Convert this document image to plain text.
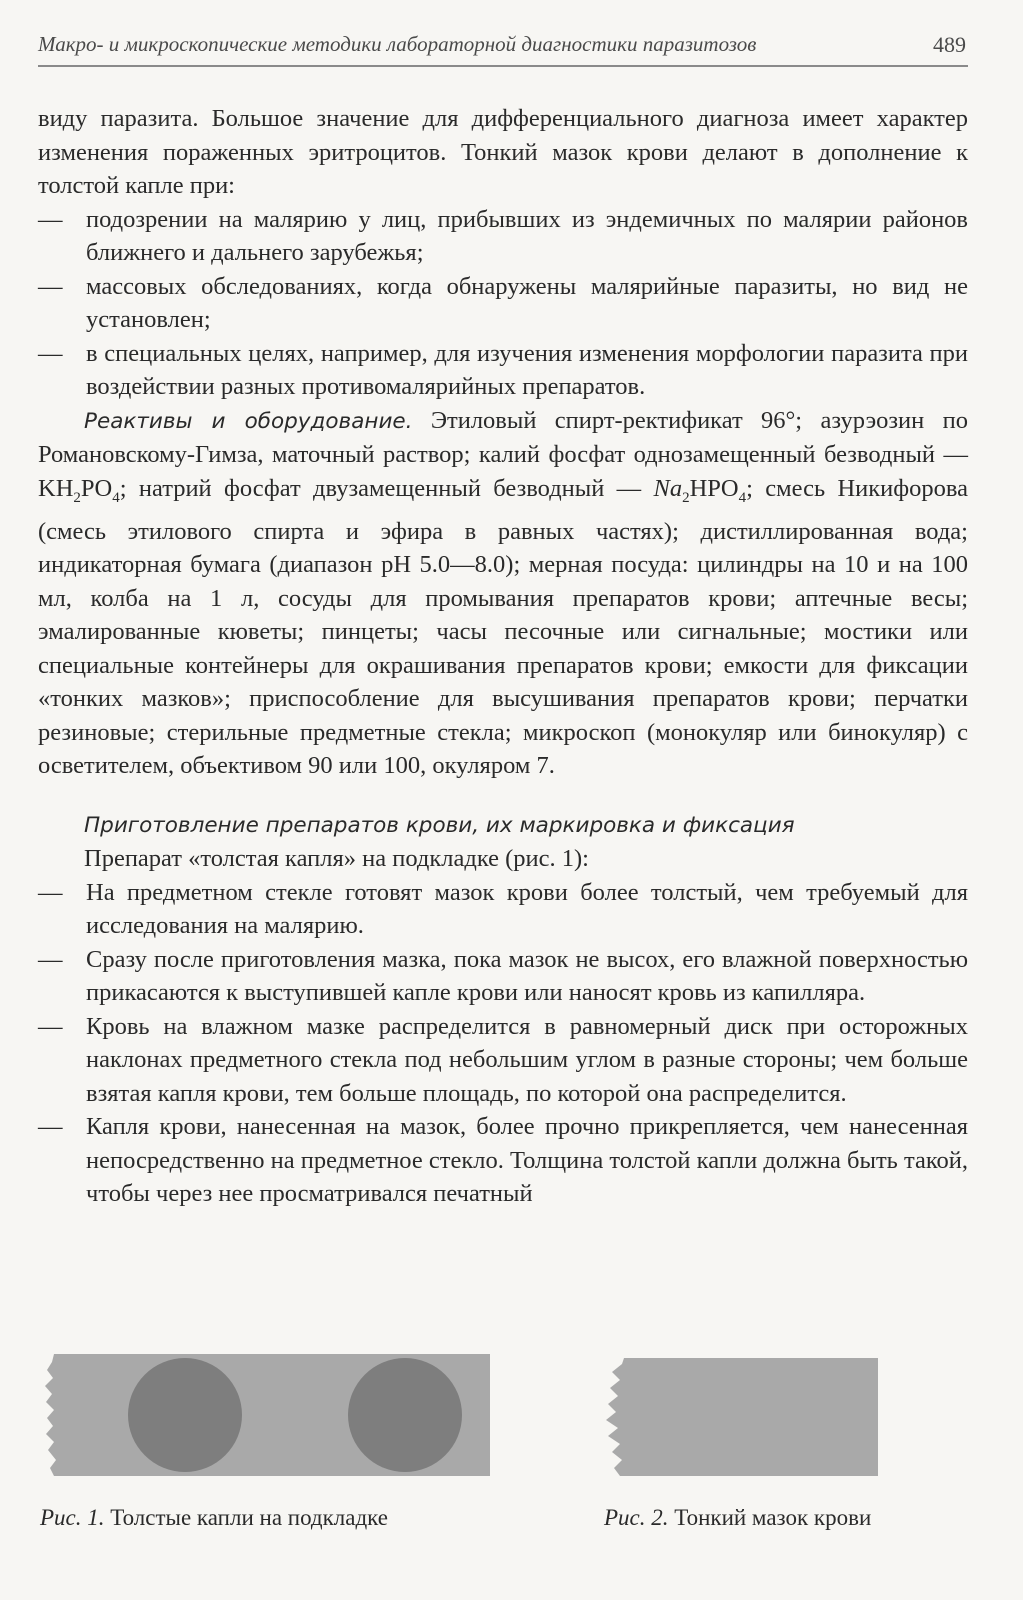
Макро- и микроскопические методики лабораторной диагностики паразитозов	489

виду паразита. Большое значение для дифференциального диагноза имеет характер изменения пораженных эритроцитов. Тонкий мазок крови делают в дополнение к толстой капле при:

— подозрении на малярию у лиц, прибывших из эндемичных по малярии районов ближнего и дальнего зарубежья;
— массовых обследованиях, когда обнаружены малярийные паразиты, но вид не установлен;
— в специальных целях, например, для изучения изменения морфологии паразита при воздействии разных противомалярийных препаратов.

Реактивы и оборудование. Этиловый спирт-ректификат 96°; азурэозин по Романовскому-Гимза, маточный раствор; калий фосфат однозамещенный безводный — $KH_2PO_4$; натрий фосфат двузамещенный безводный — $Na_2HPO_4$; смесь Никифорова (смесь этилового спирта и эфира в равных частях); дистиллированная вода; индикаторная бумага (диапазон pH 5.0—8.0); мерная посуда: цилиндры на 10 и на 100 мл, колба на 1 л, сосуды для промывания препаратов крови; аптечные весы; эмалированные кюветы; пинцеты; часы песочные или сигнальные; мостики или специальные контейнеры для окрашивания препаратов крови; емкости для фиксации «тонких мазков»; приспособление для высушивания препаратов крови; перчатки резиновые; стерильные предметные стекла; микроскоп (монокуляр или бинокуляр) с осветителем, объективом 90 или 100, окуляром 7.

Приготовление препаратов крови, их маркировка и фиксация

Препарат «толстая капля» на подкладке (рис. 1):

— На предметном стекле готовят мазок крови более толстый, чем требуемый для исследования на малярию.
— Сразу после приготовления мазка, пока мазок не высох, его влажной поверхностью прикасаются к выступившей капле крови или наносят кровь из капилляра.
— Кровь на влажном мазке распределится в равномерный диск при осторожных наклонах предметного стекла под небольшим углом в разные стороны; чем больше взятая капля крови, тем больше площадь, по которой она распределится.
— Капля крови, нанесенная на мазок, более прочно прикрепляется, чем нанесенная непосредственно на предметное стекло. Толщина толстой капли должна быть такой, чтобы через нее просматривался печатный
Рис. 1. Толстые капли на подкладке	Рис. 2. Тонкий мазок крови
